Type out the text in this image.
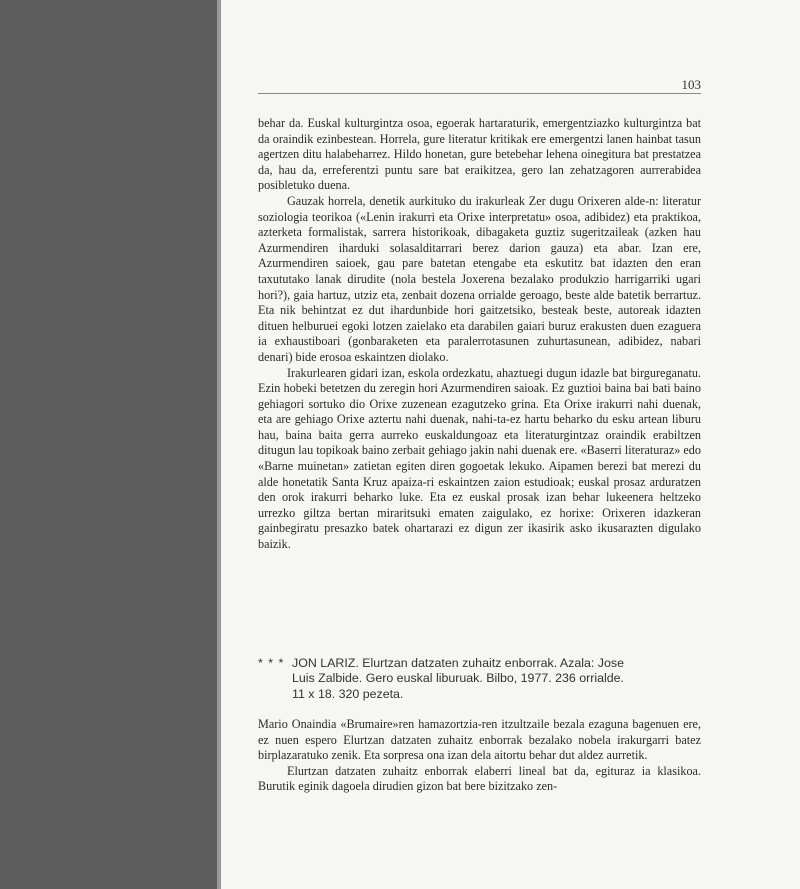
103

behar da. Euskal kulturgintza osoa, egoerak hartaraturik, emergentziazko kulturgintza bat da oraindik ezinbestean. Horrela, gure literatur kritikak ere emergentzi lanen hainbat tasun agertzen ditu halabeharrez. Hildo honetan, gure betebehar lehena oinegitura bat prestatzea da, hau da, erreferentzi puntu sare bat eraikitzea, gero lan zehatzagoren aurrerabidea posibletuko duena.

Gauzak horrela, denetik aurkituko du irakurleak Zer dugu Orixeren alde-n: literatur soziologia teorikoa («Lenin irakurri eta Orixe interpretatu» osoa, adibidez) eta praktikoa, azterketa formalistak, sarrera historikoak, dibagaketa guztiz sugeritzaileak (azken hau Azurmendiren iharduki solasalditarrari berez darion gauza) eta abar. Izan ere, Azurmendiren saioek, gau pare batetan etengabe eta eskutitz bat idazten den eran taxututako lanak dirudite (nola bestela Joxerena bezalako produkzio harrigarriki ugari hori?), gaia hartuz, utziz eta, zenbait dozena orrialde geroago, beste alde batetik berrartuz. Eta nik behintzat ez dut ihardunbide hori gaitzetsiko, besteak beste, autoreak idazten dituen helburuei egoki lotzen zaielako eta darabilen gaiari buruz erakusten duen ezaguera ia exhaustiboari (gonbaraketen eta paralerrotasunen zuhurtasunean, adibidez, nabari denari) bide erosoa eskaintzen diolako.

Irakurlearen gidari izan, eskola ordezkatu, ahaztuegi dugun idazle bat birgureganatu. Ezin hobeki betetzen du zeregin hori Azurmendiren saioak. Ez guztioi baina bai bati baino gehiagori sortuko dio Orixe zuzenean ezagutzeko grina. Eta Orixe irakurri nahi duenak, eta are gehiago Orixe aztertu nahi duenak, nahi-ta-ez hartu beharko du esku artean liburu hau, baina baita gerra aurreko euskaldungoaz eta literaturgintzaz oraindik erabiltzen ditugun lau topikoak baino zerbait gehiago jakin nahi duenak ere. «Baserri literaturaz» edo «Barne muinetan» zatietan egiten diren gogoetak lekuko. Aipamen berezi bat merezi du alde honetatik Santa Kruz apaiza-ri eskaintzen zaion estudioak; euskal prosaz arduratzen den orok irakurri beharko luke. Eta ez euskal prosak izan behar lukeenera heltzeko urrezko giltza bertan miraritsuki ematen zaigulako, ez horixe: Orixeren idazkeran gainbegiratu presazko batek ohartarazi ez digun zer ikasirik asko ikusarazten digulako baizik.

* * * JON LARIZ. Elurtzan datzaten zuhaitz enborrak. Azala: Jose
Luis Zalbide. Gero euskal liburuak. Bilbo, 1977. 236 orrialde.
11 x 18. 320 pezeta.

Mario Onaindia «Brumaire»ren hamazortzia-ren itzultzaile bezala ezaguna bagenuen ere, ez nuen espero Elurtzan datzaten zuhaitz enborrak bezalako nobela irakurgarri batez birplazaratuko zenik. Eta sorpresa ona izan dela aitortu behar dut aldez aurretik.

Elurtzan datzaten zuhaitz enborrak elaberri lineal bat da, egituraz ia klasikoa. Burutik eginik dagoela dirudien gizon bat bere bizitzako zen-
